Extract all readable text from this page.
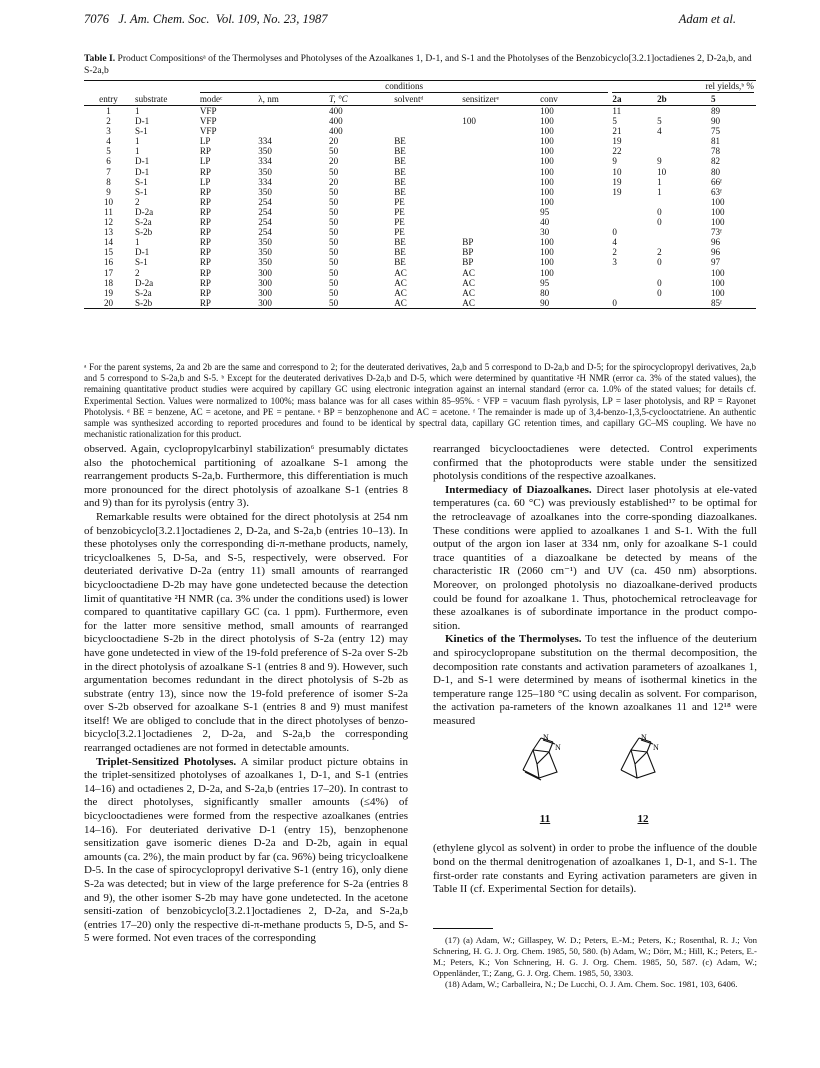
7076 J. Am. Chem. Soc. Vol. 109, No. 23, 1987	Adam et al.
Table I. Product Compositionsᵃ of the Thermolyses and Photolyses of the Azoalkanes 1, D-1, and S-1 and the Photolyses of the Benzobicyclo[3.2.1]octadienes 2, D-2a,b, and S-2a,b
		conditions						rel yields,ᵇ %		
entry	substrate	modeᶜ	λ, nm	T, °C	solventᵈ	sensitizerᵉ	conv	2a	2b	5
1	1	VFP		400			100	11		89
2	D-1	VFP		400		100	100	5	5	90
3	S-1	VFP		400			100	21	4	75
4	1	LP	334	20	BE		100	19		81
5	1	RP	350	50	BE		100	22		78
6	D-1	LP	334	20	BE		100	9	9	82
7	D-1	RP	350	50	BE		100	10	10	80
8	S-1	LP	334	20	BE		100	19	1	66ᶠ
9	S-1	RP	350	50	BE		100	19	1	63ᶠ
10	2	RP	254	50	PE		100			100
11	D-2a	RP	254	50	PE		95		0	100
12	S-2a	RP	254	50	PE		40		0	100
13	S-2b	RP	254	50	PE		30	0		73ᶠ
14	1	RP	350	50	BE	BP	100	4		96
15	D-1	RP	350	50	BE	BP	100	2	2	96
16	S-1	RP	350	50	BE	BP	100	3	0	97
17	2	RP	300	50	AC	AC	100			100
18	D-2a	RP	300	50	AC	AC	95		0	100
19	S-2a	RP	300	50	AC	AC	80		0	100
20	S-2b	RP	300	50	AC	AC	90	0		85ᶠ
ᵃ For the parent systems, 2a and 2b are the same and correspond to 2; for the deuterated derivatives, 2a,b and 5 correspond to D-2a,b and D-5; for the spirocyclopropyl derivatives, 2a,b and 5 correspond to S-2a,b and S-5. ᵇ Except for the deuterated derivatives D-2a,b and D-5, which were determined by quantitative ²H NMR (error ca. 3% of the stated values), the remaining quantitative product studies were acquired by capillary GC using electronic integration against an internal standard (error ca. 1.0% of the stated values; for details cf. Experimental Section. Values were normalized to 100%; mass balance was for all cases within 85–95%. ᶜ VFP = vacuum flash pyrolysis, LP = laser photolysis, and RP = Rayonet Photolysis. ᵈ BE = benzene, AC = acetone, and PE = pentane. ᵉ BP = benzophenone and AC = acetone. ᶠ The remainder is made up of 3,4-benzo-1,3,5-cyclooctatriene. An authentic sample was synthesized according to reported procedures and found to be identical by spectral data, capillary GC retention times, and capillary GC–MS coupling. We have no mechanistic rationalization for this product.

observed. Again, cyclopropylcarbinyl stabilization⁶ presumably dictates also the photochemical partitioning of azoalkane S-1 among the rearrangement products S-2a,b. Furthermore, this differentiation is much more pronounced for the direct photolysis of azoalkane S-1 (entries 8 and 9) than for its pyrolysis (entry 3).

Remarkable results were obtained for the direct photolysis at 254 nm of benzobicyclo[3.2.1]octadienes 2, D-2a, and S-2a,b (entries 10–13). In these photolyses only the corresponding di-π-methane products, namely, tricycloalkenes 5, D-5a, and S-5, respectively, were observed. For deuteriated derivative D-2a (entry 11) small amounts of rearranged bicyclooctadiene D-2b may have gone undetected because the detection limit of quantitative ²H NMR (ca. 3% under the conditions used) is lower compared to quantitative capillary GC (ca. 1 ppm). Furthermore, even for the latter more sensitive method, small amounts of rearranged bicyclooctadiene S-2b in the direct photolysis of S-2a (entry 12) may have gone undetected in view of the 19-fold preference of S-2a over S-2b in the direct photolysis of azoalkane S-1 (entries 8 and 9). However, such argumentation becomes redundant in the direct photolysis of S-2b as substrate (entry 13), since now the 19-fold preference of isomer S-2a over S-2b observed for azoalkane S-1 (entries 8 and 9) must manifest itself! We are obliged to conclude that in the direct photolyses of benzo-bicyclo[3.2.1]octadienes 2, D-2a, and S-2a,b the corresponding rearranged octadienes are not formed in detectable amounts.

Triplet-Sensitized Photolyses. A similar product picture obtains in the triplet-sensitized photolyses of azoalkanes 1, D-1, and S-1 (entries 14–16) and octadienes 2, D-2a, and S-2a,b (entries 17–20). In contrast to the direct photolyses, significantly smaller amounts (≤4%) of bicyclooctadienes were formed from the respective azoalkanes (entries 14–16). For deuteriated derivative D-1 (entry 15), benzophenone sensitization gave isomeric dienes D-2a and D-2b, again in equal amounts (ca. 2%), the main product by far (ca. 96%) being tricycloalkene D-5. In the case of spirocyclopropyl derivative S-1 (entry 16), only diene S-2a was detected; but in view of the large preference for S-2a (entries 8 and 9), the other isomer S-2b may have gone undetected. In the acetone sensiti-zation of benzobicyclo[3.2.1]octadienes 2, D-2a, and S-2a,b (entries 17–20) only the respective di-π-methane products 5, D-5, and S-5 were formed. Not even traces of the corresponding

rearranged bicyclooctadienes were detected. Control experiments confirmed that the photoproducts were stable under the sensitized photolysis conditions of the respective azoalkanes.

Intermediacy of Diazoalkanes. Direct laser photolysis at ele-vated temperatures (ca. 60 °C) was previously established¹⁷ to be optimal for the retrocleavage of azoalkanes into the corre-sponding diazoalkanes. These conditions were applied to azoalkanes 1 and S-1. With the full output of the argon ion laser at 334 nm, only for azoalkane S-1 could trace quantities of a diazoalkane be detected by means of the characteristic IR (2060 cm⁻¹) and UV (ca. 450 nm) absorptions. Moreover, on prolonged photolysis no diazoalkane-derived products could be found for azoalkane 1. Thus, photochemical retrocleavage for these azoalkanes is of subordinate importance in the product compo-sition.

Kinetics of the Thermolyses. To test the influence of the deuterium and spirocyclopropane substitution on the thermal decomposition, the decomposition rate constants and activation parameters of azoalkanes 1, D-1, and S-1 were determined by means of isothermal kinetics in the temperature range 125–180 °C using decalin as solvent. For comparison, the activation pa-rameters of the known azoalkanes 11 and 12¹⁸ were measured

N
N
11
N
N
12

(ethylene glycol as solvent) in order to probe the influence of the double bond on the thermal denitrogenation of azoalkanes 1, D-1, and S-1. The first-order rate constants and Eyring activation parameters are given in Table II (cf. Experimental Section for details).

(17) (a) Adam, W.; Gillaspey, W. D.; Peters, E.-M.; Peters, K.; Rosenthal, R. J.; Von Schnering, H. G. J. Org. Chem. 1985, 50, 580. (b) Adam, W.; Dörr, M.; Hill, K.; Peters, E.-M.; Peters, K.; Von Schnering, H. G. J. Org. Chem. 1985, 50, 587. (c) Adam, W.; Oppenländer, T.; Zang, G. J. Org. Chem. 1985, 50, 3303.

(18) Adam, W.; Carballeira, N.; De Lucchi, O. J. Am. Chem. Soc. 1981, 103, 6406.
